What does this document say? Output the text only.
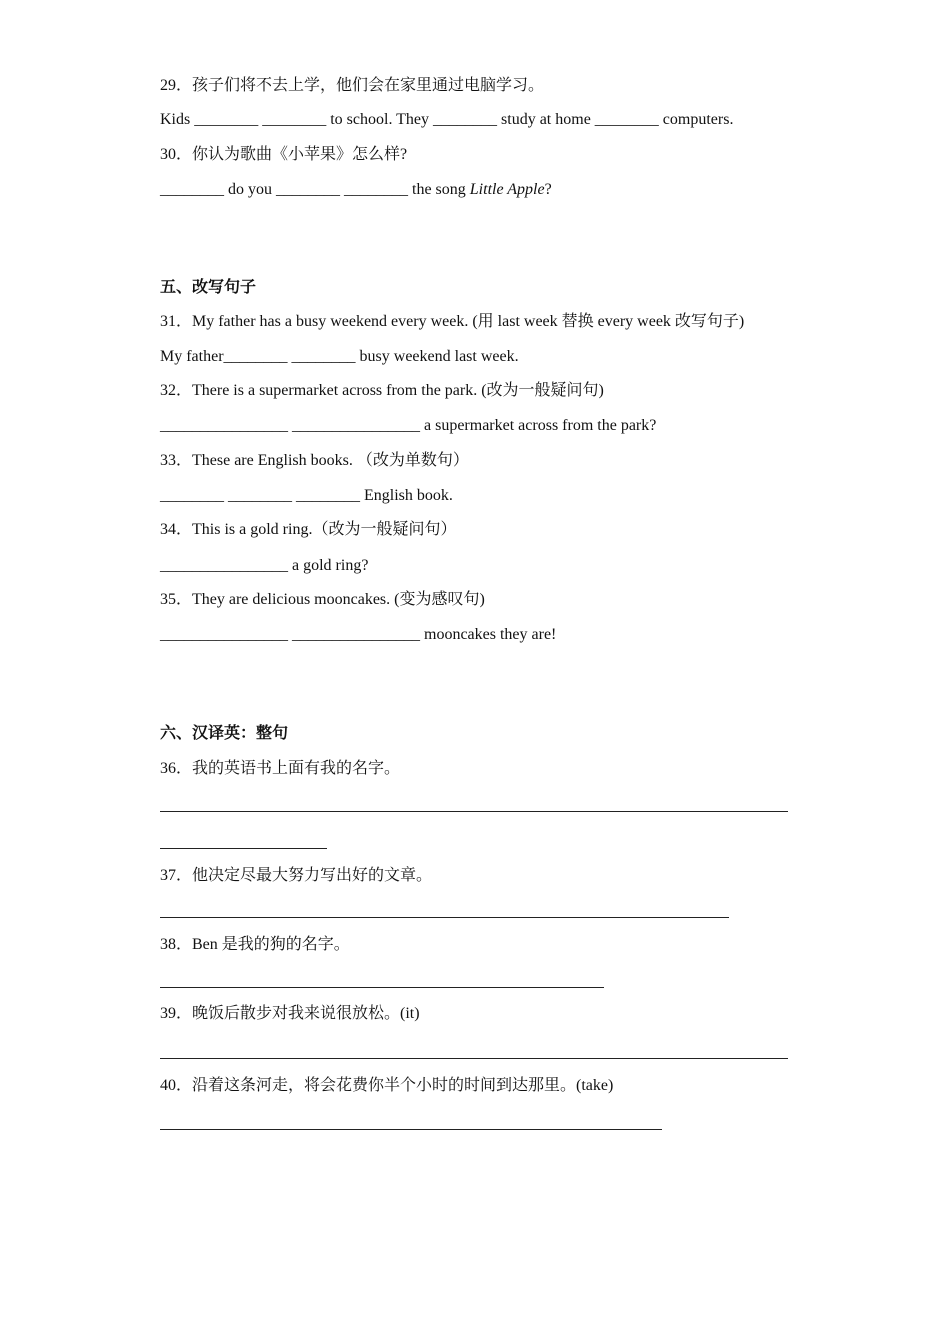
29．孩子们将不去上学，他们会在家里通过电脑学习。
Kids ________ ________ to school. They ________ study at home ________ computers.
30．你认为歌曲《小苹果》怎么样?
________ do you ________ ________ the song Little Apple?
五、改写句子
31．My father has a busy weekend every week. (用 last week 替换 every week 改写句子)
My father________ ________ busy weekend last week.
32．There is a supermarket across from the park. (改为一般疑问句)
________________ ________________ a supermarket across from the park?
33．These are English books. （改为单数句）
________ ________ ________ English book.
34．This is a gold ring.（改为一般疑问句）
________________ a gold ring?
35．They are delicious mooncakes. (变为感叹句)
________________ ________________ mooncakes they are!
六、汉译英：整句
36．我的英语书上面有我的名字。
37．他决定尽最大努力写出好的文章。
38．Ben 是我的狗的名字。
39．晚饭后散步对我来说很放松。(it)
40．沿着这条河走，将会花费你半个小时的时间到达那里。(take)
